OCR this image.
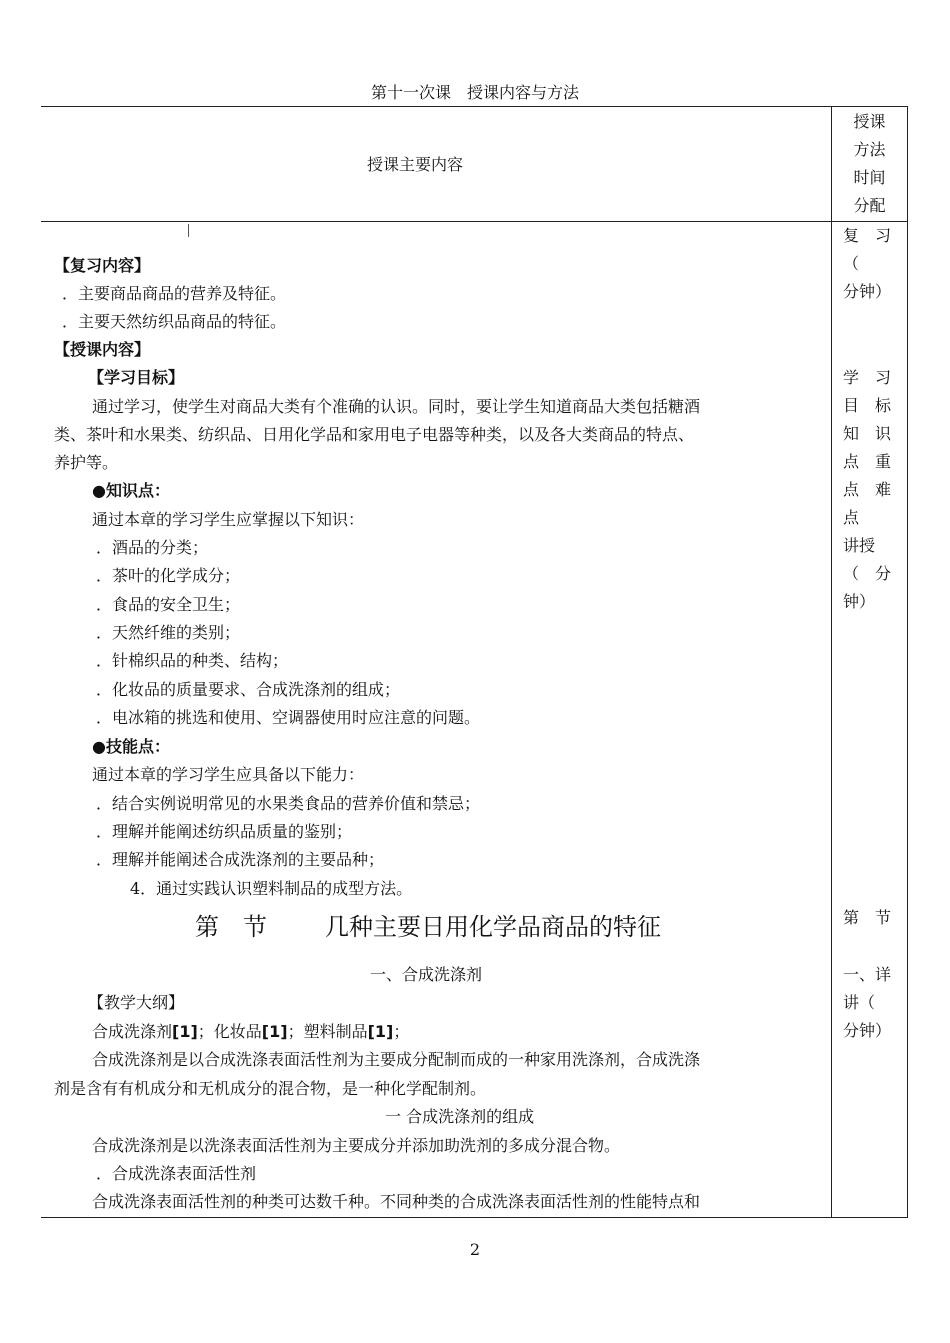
第十一次课　授课内容与方法
授课主要内容
授课
方法
时间
分配
【复习内容】
．主要商品商品的营养及特征。
．主要天然纺织品商品的特征。
【授课内容】
【学习目标】
通过学习，使学生对商品大类有个准确的认识。同时，要让学生知道商品大类包括糖酒
类、茶叶和水果类、纺织品、日用化学品和家用电子电器等种类，以及各大类商品的特点、
养护等。
●知识点：
通过本章的学习学生应掌握以下知识：
．酒品的分类；
．茶叶的化学成分；
．食品的安全卫生；
．天然纤维的类别；
．针棉织品的种类、结构；
．化妆品的质量要求、合成洗涤剂的组成；
．电冰箱的挑选和使用、空调器使用时应注意的问题。
●技能点：
通过本章的学习学生应具备以下能力：
．结合实例说明常见的水果类食品的营养价值和禁忌；
．理解并能阐述纺织品质量的鉴别；
．理解并能阐述合成洗涤剂的主要品种；
4．通过实践认识塑料制品的成型方法。
第　节 几种主要日用化学品商品的特征
一、合成洗涤剂
【教学大纲】
合成洗涤剂[1]；化妆品[1]；塑料制品[1]；
合成洗涤剂是以合成洗涤表面活性剂为主要成分配制而成的一种家用洗涤剂，合成洗涤
剂是含有有机成分和无机成分的混合物，是一种化学配制剂。
一 合成洗涤剂的组成
合成洗涤剂是以洗涤表面活性剂为主要成分并添加助洗剂的多成分混合物。
．合成洗涤表面活性剂
合成洗涤表面活性剂的种类可达数千种。不同种类的合成洗涤表面活性剂的性能特点和
复　习
（
分钟）
学　习
目　标
知　识
点　重
点　难
点
讲授
（　分
钟）
第　节
一、详
讲（
分钟）
2
